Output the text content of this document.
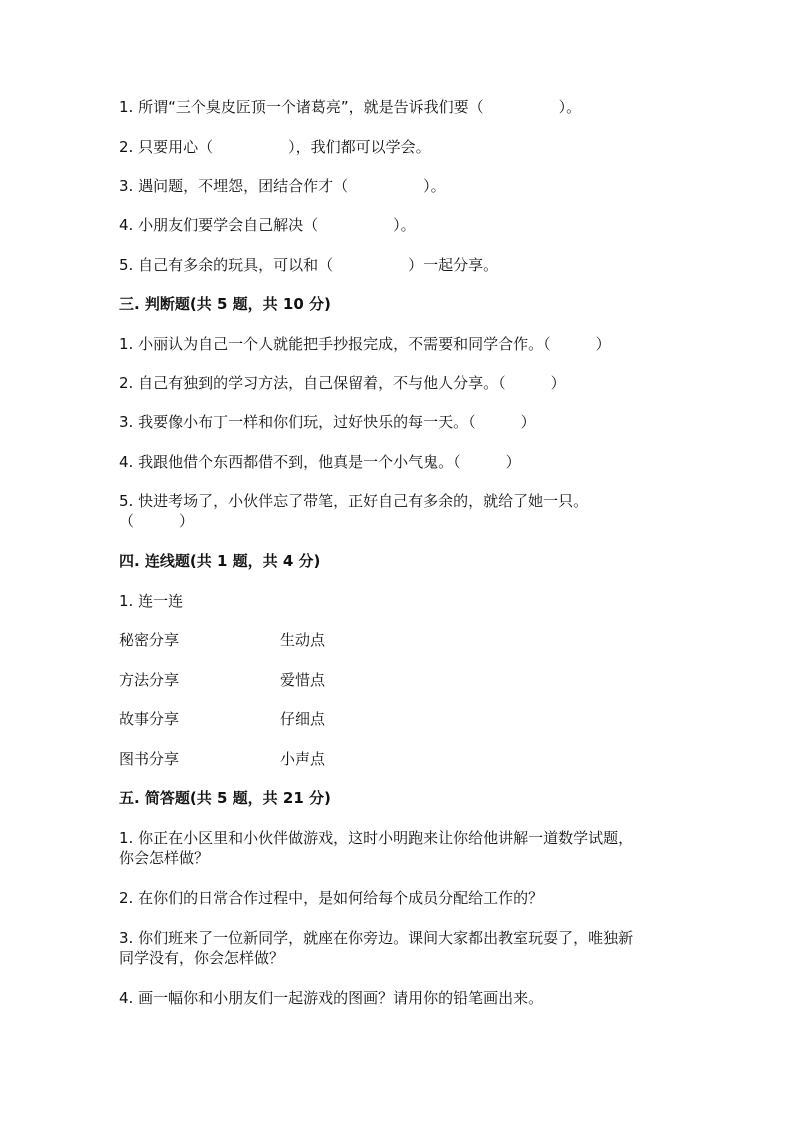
1. 所谓“三个臭皮匠顶一个诸葛亮”，就是告诉我们要（　　　　　）。
2. 只要用心（　　　　　），我们都可以学会。
3. 遇问题，不埋怨，团结合作才（　　　　　）。
4. 小朋友们要学会自己解决（　　　　　）。
5. 自己有多余的玩具，可以和（　　　　　）一起分享。
三. 判断题(共 5 题，共 10 分)
1. 小丽认为自己一个人就能把手抄报完成，不需要和同学合作。（　　　）
2. 自己有独到的学习方法，自己保留着，不与他人分享。（　　　）
3. 我要像小布丁一样和你们玩，过好快乐的每一天。（　　　）
4. 我跟他借个东西都借不到，他真是一个小气鬼。（　　　）
5. 快进考场了，小伙伴忘了带笔，正好自己有多余的，就给了她一只。
（　　　）
四. 连线题(共 1 题，共 4 分)
1. 连一连
秘密分享	生动点
方法分享	爱惜点
故事分享	仔细点
图书分享	小声点
五. 简答题(共 5 题，共 21 分)
1. 你正在小区里和小伙伴做游戏，这时小明跑来让你给他讲解一道数学试题，
你会怎样做？
2. 在你们的日常合作过程中，是如何给每个成员分配给工作的？
3. 你们班来了一位新同学，就座在你旁边。课间大家都出教室玩耍了，唯独新
同学没有，你会怎样做？
4. 画一幅你和小朋友们一起游戏的图画？请用你的铅笔画出来。
